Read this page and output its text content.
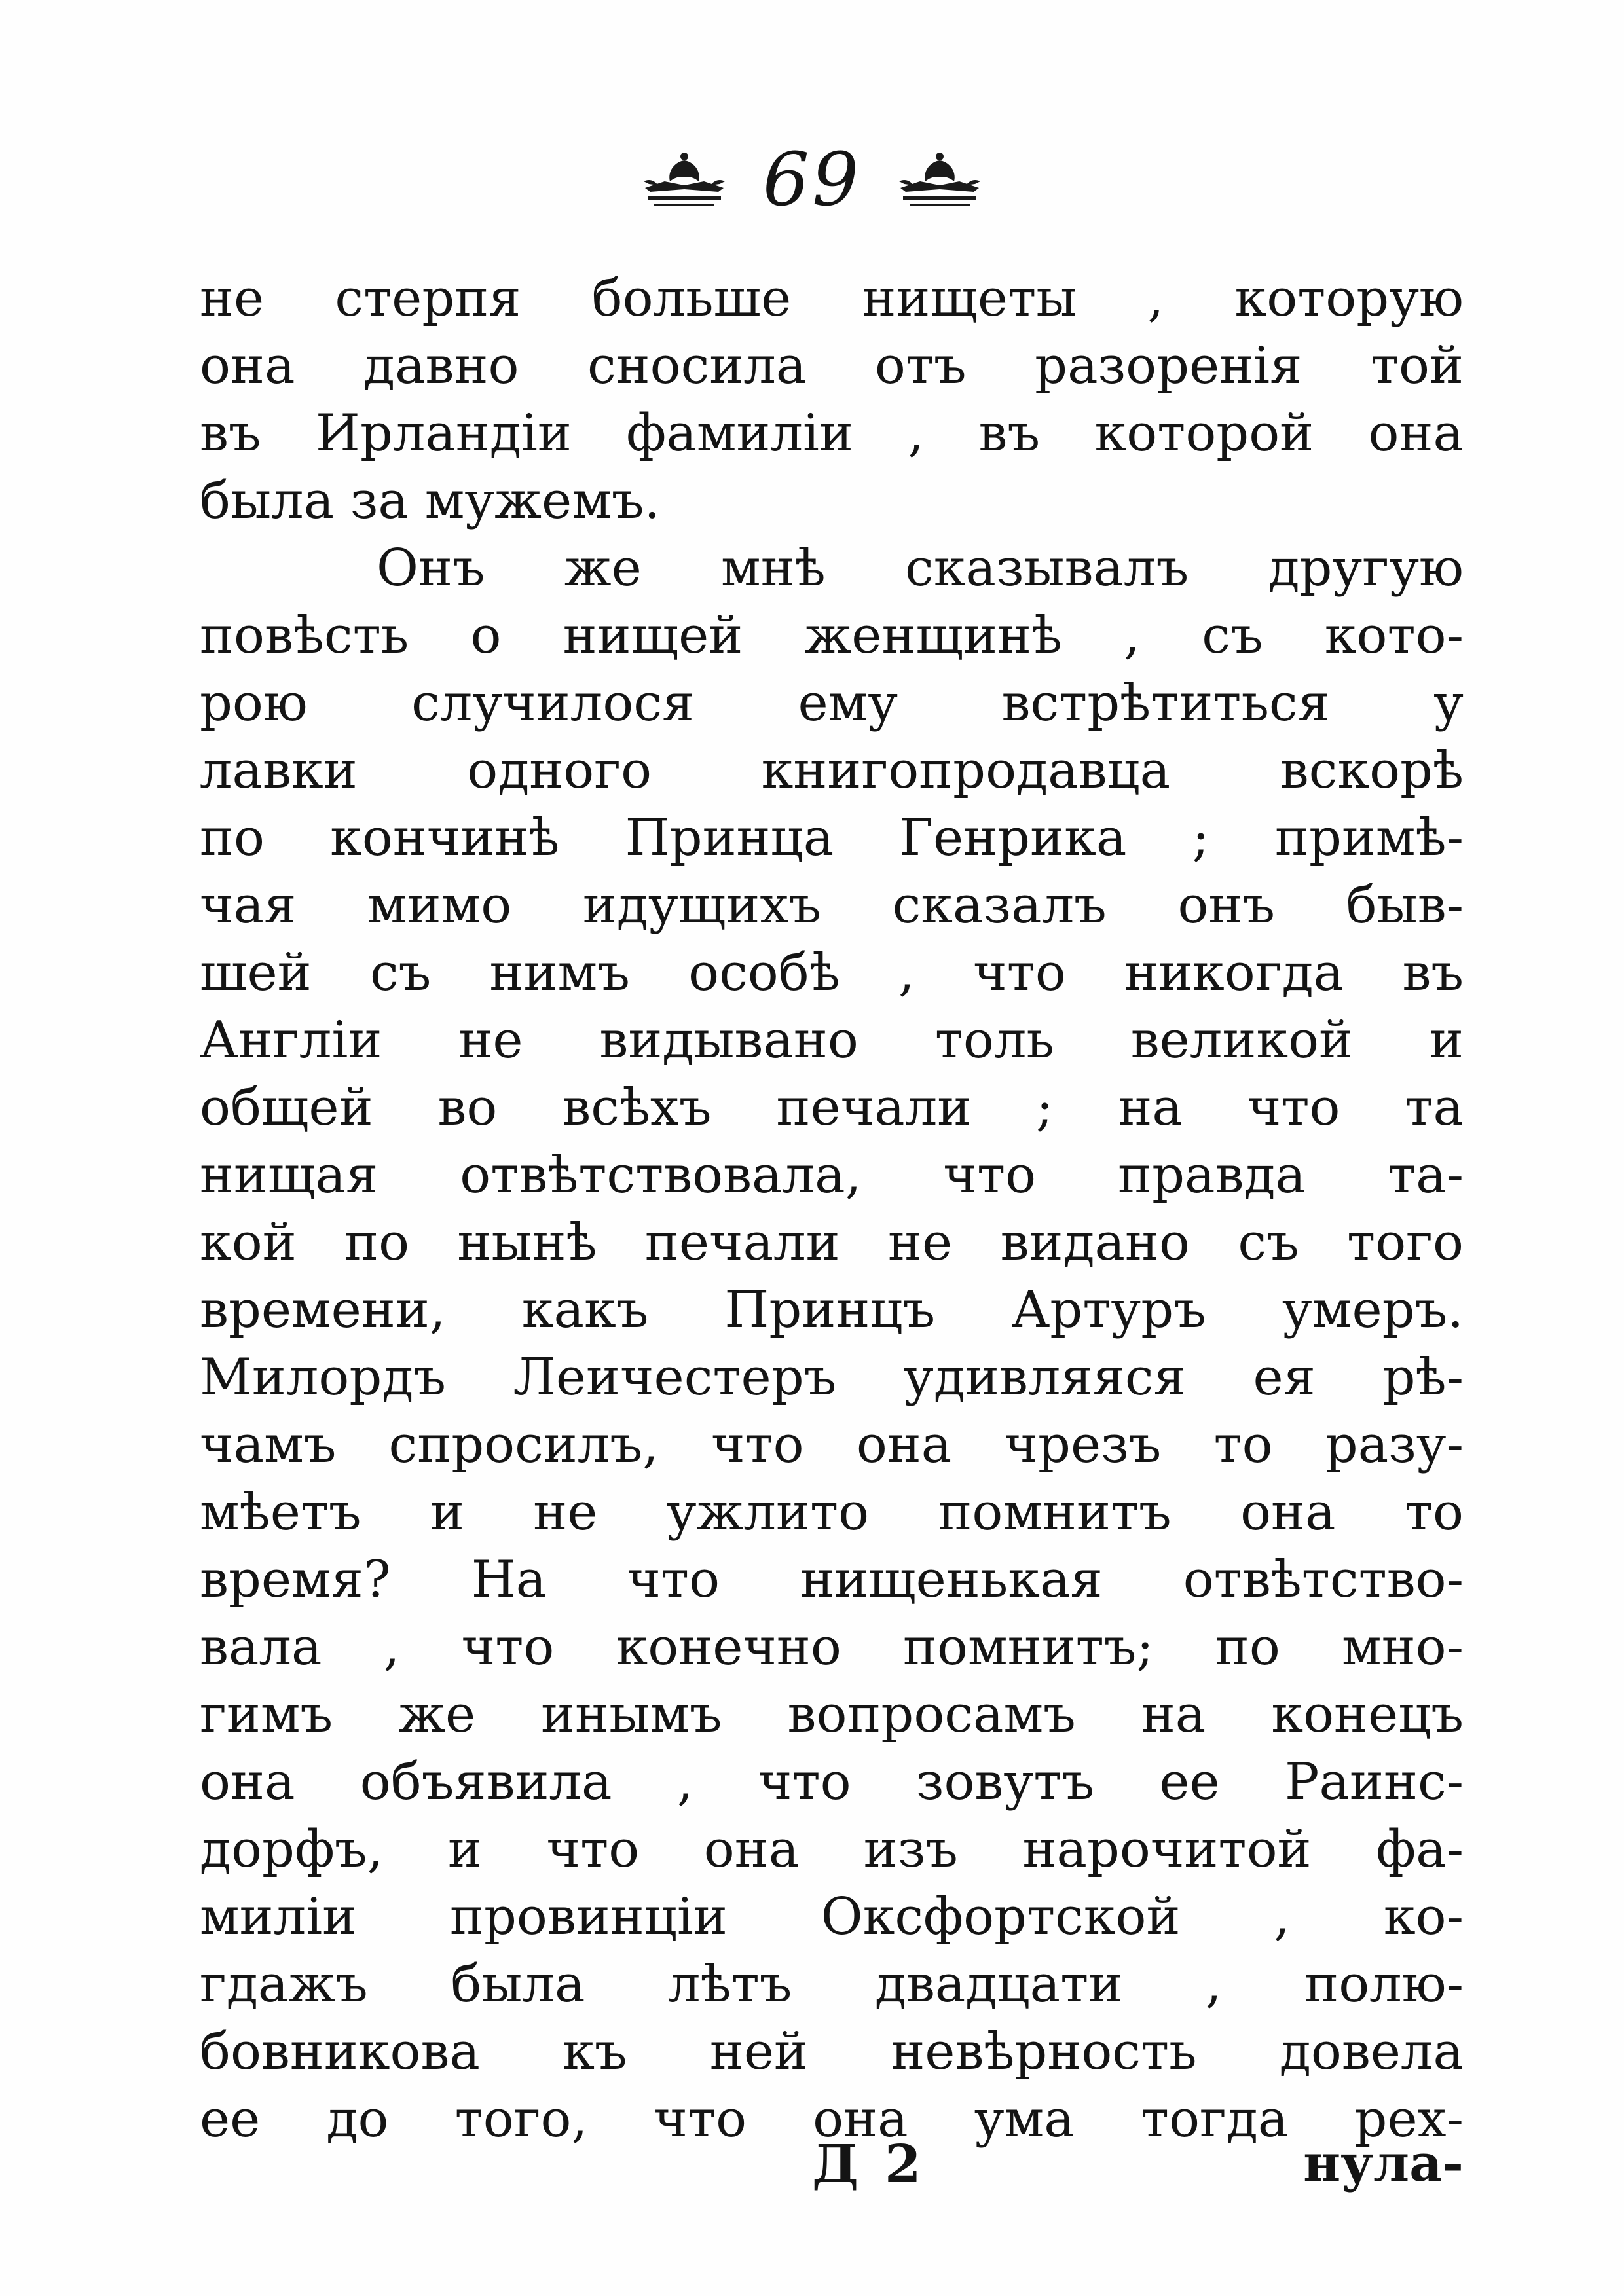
69
не стерпя больше нищеты , которую
она давно сносила отъ разоренія той
въ Ирландіи фамиліи , въ которой она
была за мужемъ.
Онъ же мнѣ сказывалъ другую
повѣсть о нищей женщинѣ , съ кото-
рою случилося ему встрѣтиться у
лавки одного книгопродавца вскорѣ
по кончинѣ Принца Генрика ; примѣ-
чая мимо идущихъ сказалъ онъ быв-
шей съ нимъ особѣ , что никогда въ
Англіи не видывано толь великой и
общей во всѣхъ печали ; на что та
нищая отвѣтствовала, что правда та-
кой по нынѣ печали не видано съ того
времени, какъ Принцъ Артуръ умеръ.
Милордъ Леичестеръ удивляяся ея рѣ-
чамъ спросилъ, что она чрезъ то разу-
мѣетъ и не ужлито помнитъ она то
время? На что нищенькая отвѣтство-
вала , что конечно помнитъ; по мно-
гимъ же инымъ вопросамъ на конецъ
она объявила , что зовутъ ее Раинс-
дорфъ, и что она изъ нарочитой фа-
миліи провинціи Оксфортской , ко-
гдажъ была лѣтъ двадцати , полю-
бовникова къ ней невѣрность довела
ее до того, что она ума тогда рех-
Д 2	нула-
